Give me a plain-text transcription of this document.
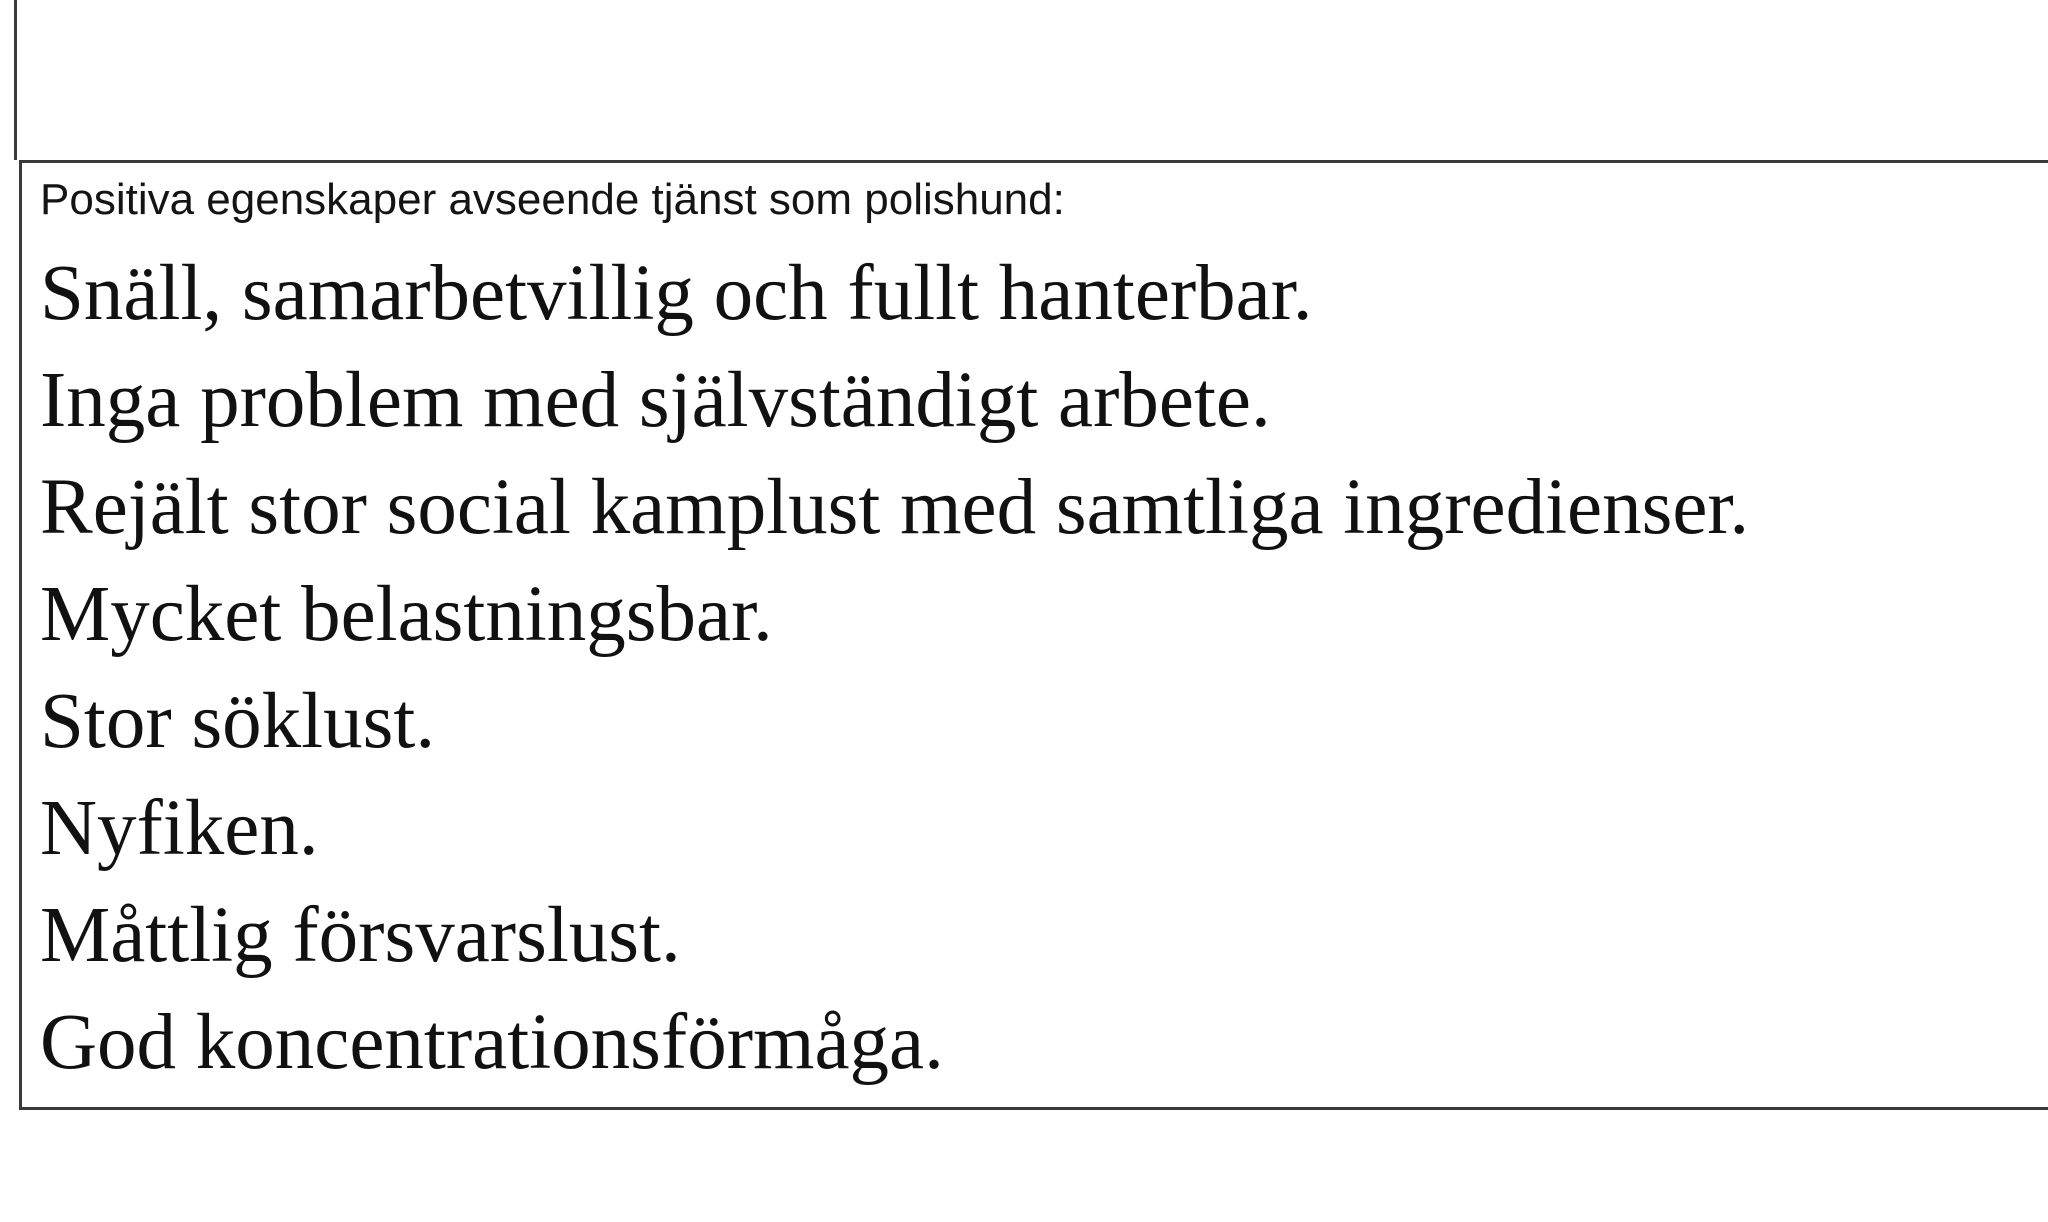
Positiva egenskaper avseende tjänst som polishund:
Snäll, samarbetvillig och fullt hanterbar.
Inga problem med självständigt arbete.
Rejält stor social kamplust med samtliga ingredienser.
Mycket belastningsbar.
Stor söklust.
Nyfiken.
Måttlig försvarslust.
God koncentrationsförmåga.
